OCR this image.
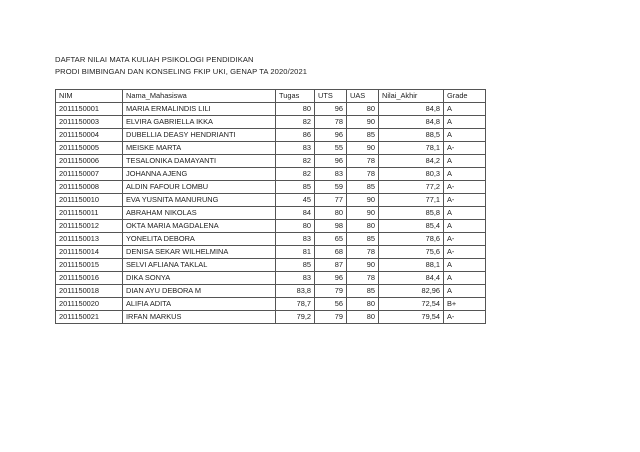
DAFTAR NILAI MATA KULIAH PSIKOLOGI PENDIDIKAN
PRODI BIMBINGAN DAN KONSELING FKIP UKI, GENAP TA 2020/2021
NIM	Nama_Mahasiswa	Tugas	UTS	UAS	Nilai_Akhir	Grade
2011150001	MARIA ERMALINDIS LILI	80	96	80	84,8	A
2011150003	ELVIRA GABRIELLA IKKA	82	78	90	84,8	A
2011150004	DUBELLIA DEASY HENDRIANTI	86	96	85	88,5	A
2011150005	MEISKE MARTA	83	55	90	78,1	A-
2011150006	TESALONIKA DAMAYANTI	82	96	78	84,2	A
2011150007	JOHANNA AJENG	82	83	78	80,3	A
2011150008	ALDIN FAFOUR LOMBU	85	59	85	77,2	A-
2011150010	EVA YUSNITA MANURUNG	45	77	90	77,1	A-
2011150011	ABRAHAM NIKOLAS	84	80	90	85,8	A
2011150012	OKTA MARIA MAGDALENA	80	98	80	85,4	A
2011150013	YONELITA DEBORA	83	65	85	78,6	A-
2011150014	DENISA SEKAR WILHELMINA	81	68	78	75,6	A-
2011150015	SELVI AFLIANA TAKLAL	85	87	90	88,1	A
2011150016	DIKA SONYA	83	96	78	84,4	A
2011150018	DIAN AYU DEBORA M	83,8	79	85	82,96	A
2011150020	ALIFIA ADITA	78,7	56	80	72,54	B+
2011150021	IRFAN MARKUS	79,2	79	80	79,54	A-
